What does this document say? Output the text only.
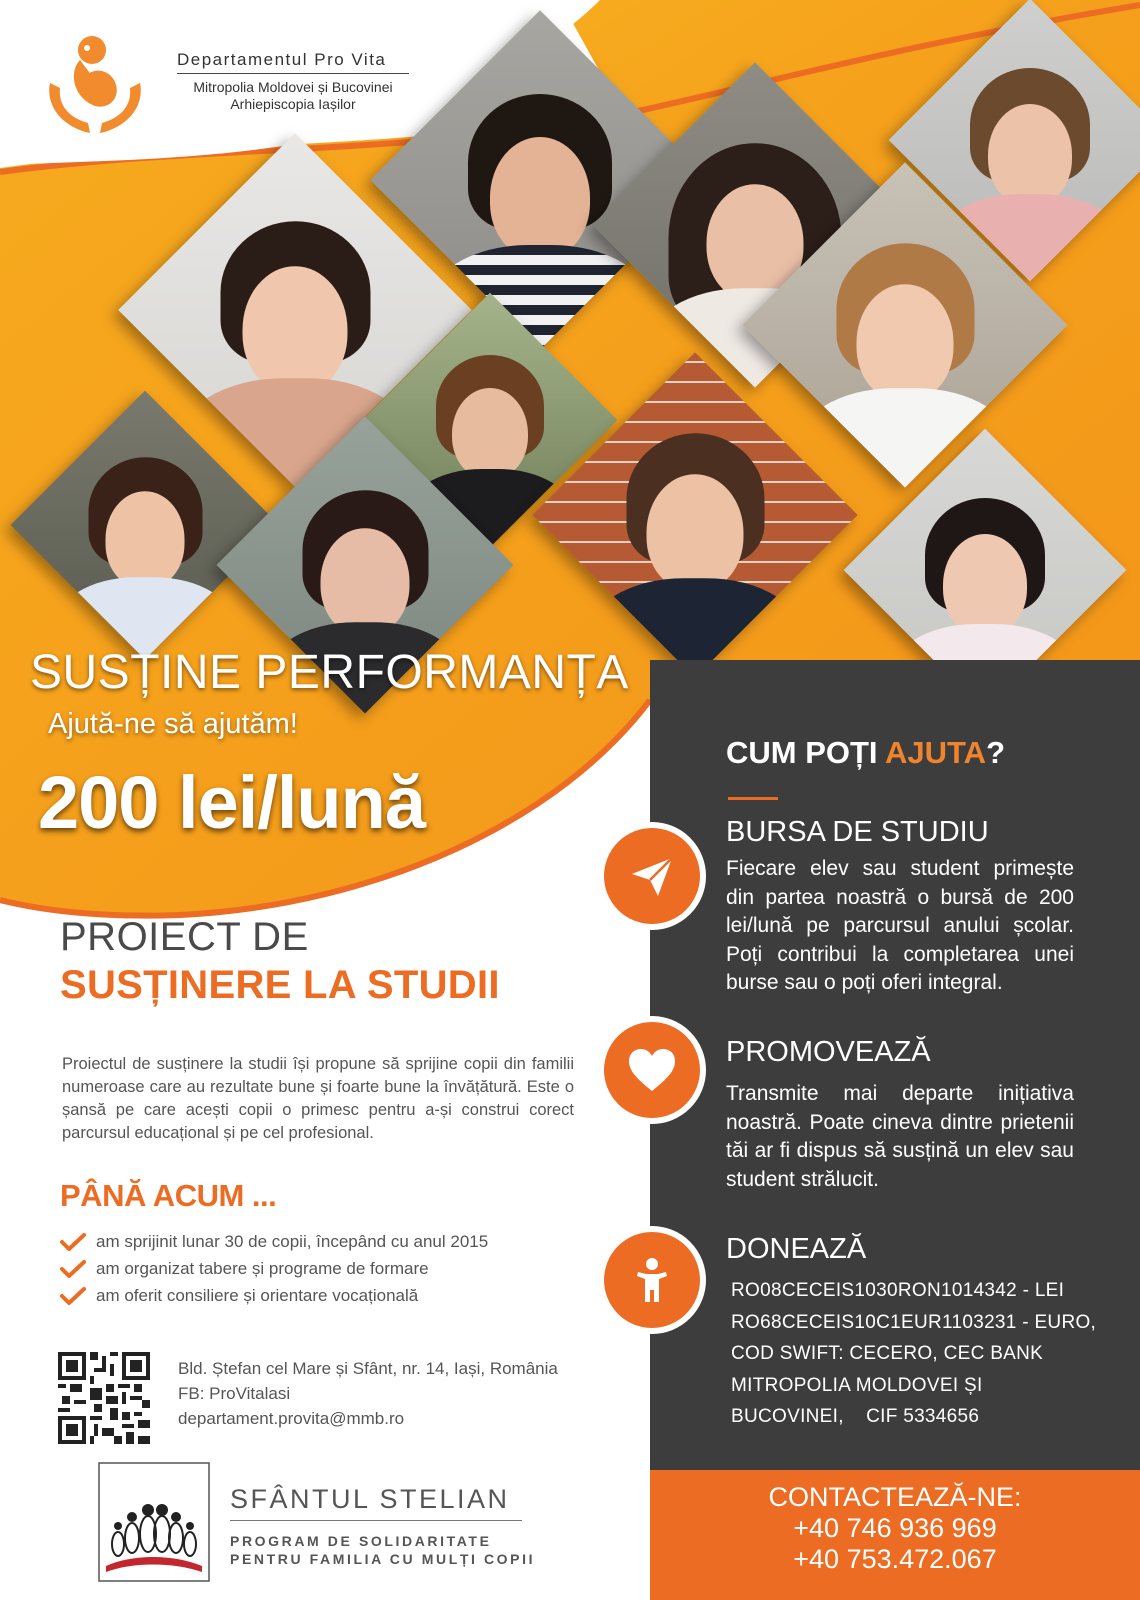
Departamentul Pro Vita
Mitropolia Moldovei și Bucovinei
Arhiepiscopia Iașilor
SUSȚINE PERFORMANȚA
Ajută-ne să ajutăm!
200 lei/lună
PROIECT DE
SUSȚINERE LA STUDII
Proiectul de susținere la studii își propune să sprijine copii din familii numeroase care au rezultate bune și foarte bune la învățătură. Este o șansă pe care acești copii o primesc pentru a-și construi corect parcursul educațional și pe cel profesional.
PÂNĂ ACUM ...
am sprijinit lunar 30 de copii, începând cu anul 2015
am organizat tabere și programe de formare
am oferit consiliere și orientare vocațională
Bld. Ștefan cel Mare și Sfânt, nr. 14, Iași, România
FB: ProVitalasi
departament.provita@mmb.ro
SFÂNTUL STELIAN
PROGRAM DE SOLIDARITATE
PENTRU FAMILIA CU MULȚI COPII
CUM POȚI AJUTA?
BURSA DE STUDIU
Fiecare elev sau student primește din partea noastră o bursă de 200 lei/lună pe parcursul anului școlar. Poți contribui la completarea unei burse sau o poți oferi integral.
PROMOVEAZĂ
Transmite mai departe inițiativa noastră. Poate cineva dintre prietenii tăi ar fi dispus să susțină un elev sau student strălucit.
DONEAZĂ
RO08CECEIS1030RON1014342 - LEI
RO68CECEIS10C1EUR1103231 - EURO,
COD SWIFT: CECERO, CEC BANK
MITROPOLIA MOLDOVEI ȘI
BUCOVINEI,    CIF 5334656
CONTACTEAZĂ-NE:
+40 746 936 969
+40 753.472.067
